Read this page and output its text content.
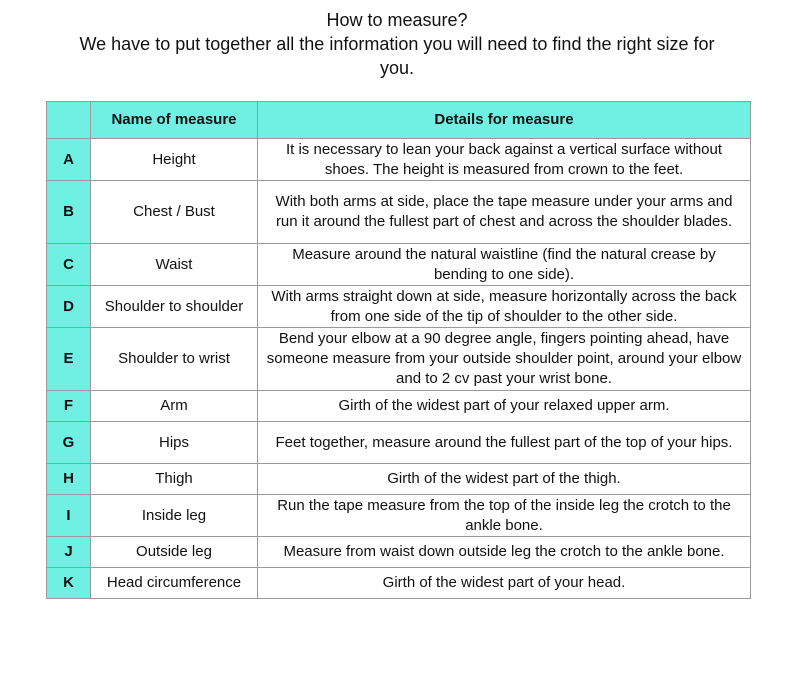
How to measure?
We have to put together all the information you will need to find the right size for
you.
	Name of measure	Details for measure
A	Height	It is necessary to lean your back against a vertical surface without shoes. The height is measured from crown to the feet.
B	Chest / Bust	With both arms at side, place the tape measure under your arms and run it around the fullest part of chest and across the shoulder blades.
C	Waist	Measure around the natural waistline (find the natural crease by bending to one side).
D	Shoulder to shoulder	With arms straight down at side, measure horizontally across the back from one side of the tip of shoulder to the other side.
E	Shoulder to wrist	Bend your elbow at a 90 degree angle, fingers pointing ahead, have someone measure from your outside shoulder point, around your elbow and to 2 cv past your wrist bone.
F	Arm	Girth of the widest part of your relaxed upper arm.
G	Hips	Feet together, measure around the fullest part of the top of your hips.
H	Thigh	Girth of the widest part of the thigh.
I	Inside leg	Run the tape measure from the top of the inside leg the crotch to the ankle bone.
J	Outside leg	Measure from waist down outside leg the crotch to the ankle bone.
K	Head circumference	Girth of the widest part of your head.
